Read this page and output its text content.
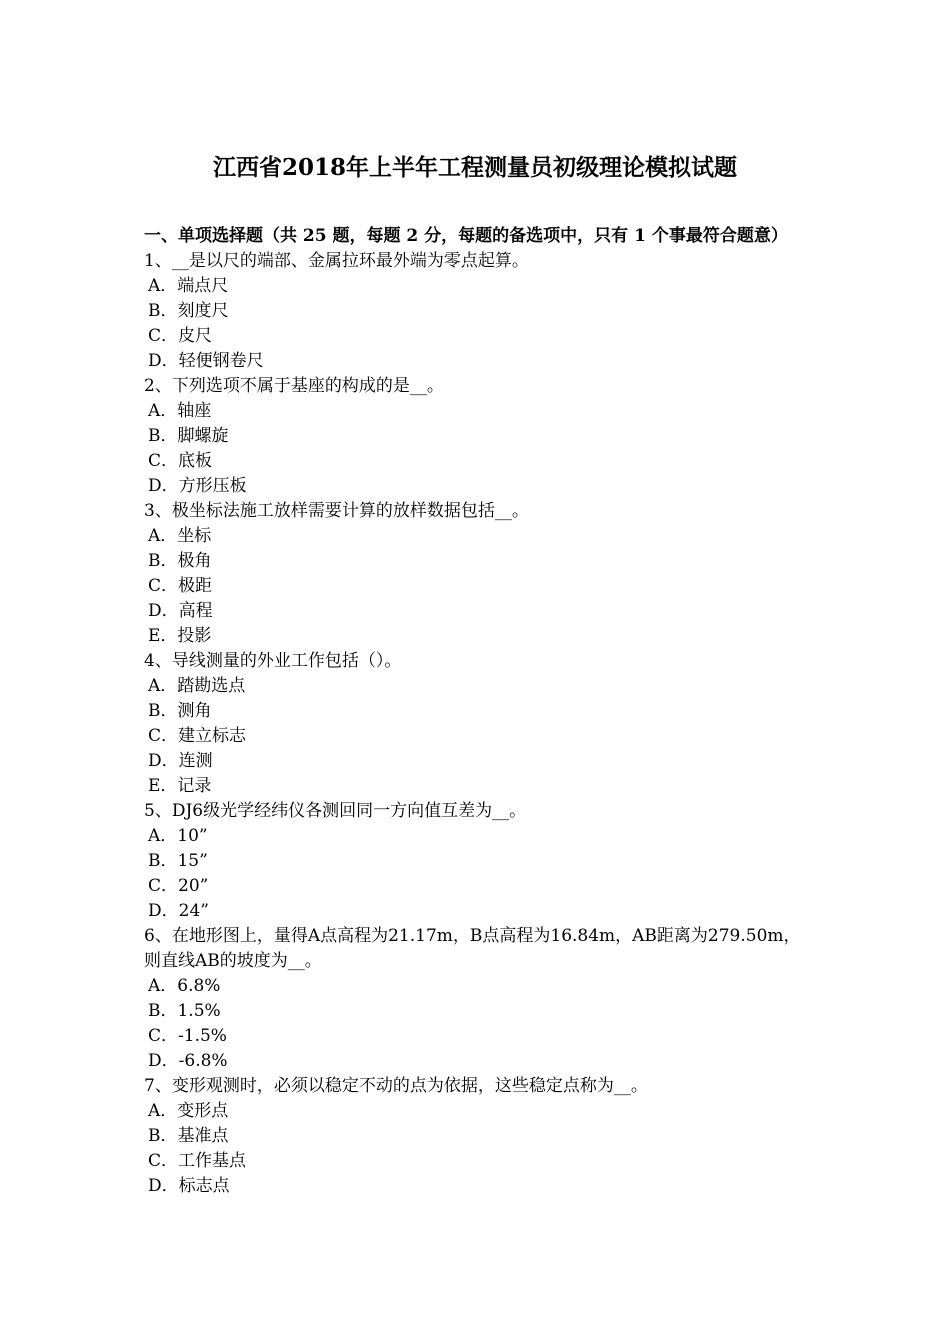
江西省2018年上半年工程测量员初级理论模拟试题

一、单项选择题（共 25 题，每题 2 分，每题的备选项中，只有 1 个事最符合题意）

1、__是以尺的端部、金属拉环最外端为零点起算。

A．端点尺

B．刻度尺

C．皮尺

D．轻便钢卷尺

2、下列选项不属于基座的构成的是__。

A．轴座

B．脚螺旋

C．底板

D．方形压板

3、极坐标法施工放样需要计算的放样数据包括__。

A．坐标

B．极角

C．极距

D．高程

E．投影

4、导线测量的外业工作包括（）。

A．踏勘选点

B．测角

C．建立标志

D．连测

E．记录

5、DJ6级光学经纬仪各测回同一方向值互差为__。

A．10”

B．15”

C．20”

D．24”

6、在地形图上，量得A点高程为21.17m，B点高程为16.84m，AB距离为279.50m，则直线AB的坡度为__。

A．6.8%

B．1.5%

C．-1.5%

D．-6.8%

7、变形观测时，必须以稳定不动的点为依据，这些稳定点称为__。

A．变形点

B．基准点

C．工作基点

D．标志点
